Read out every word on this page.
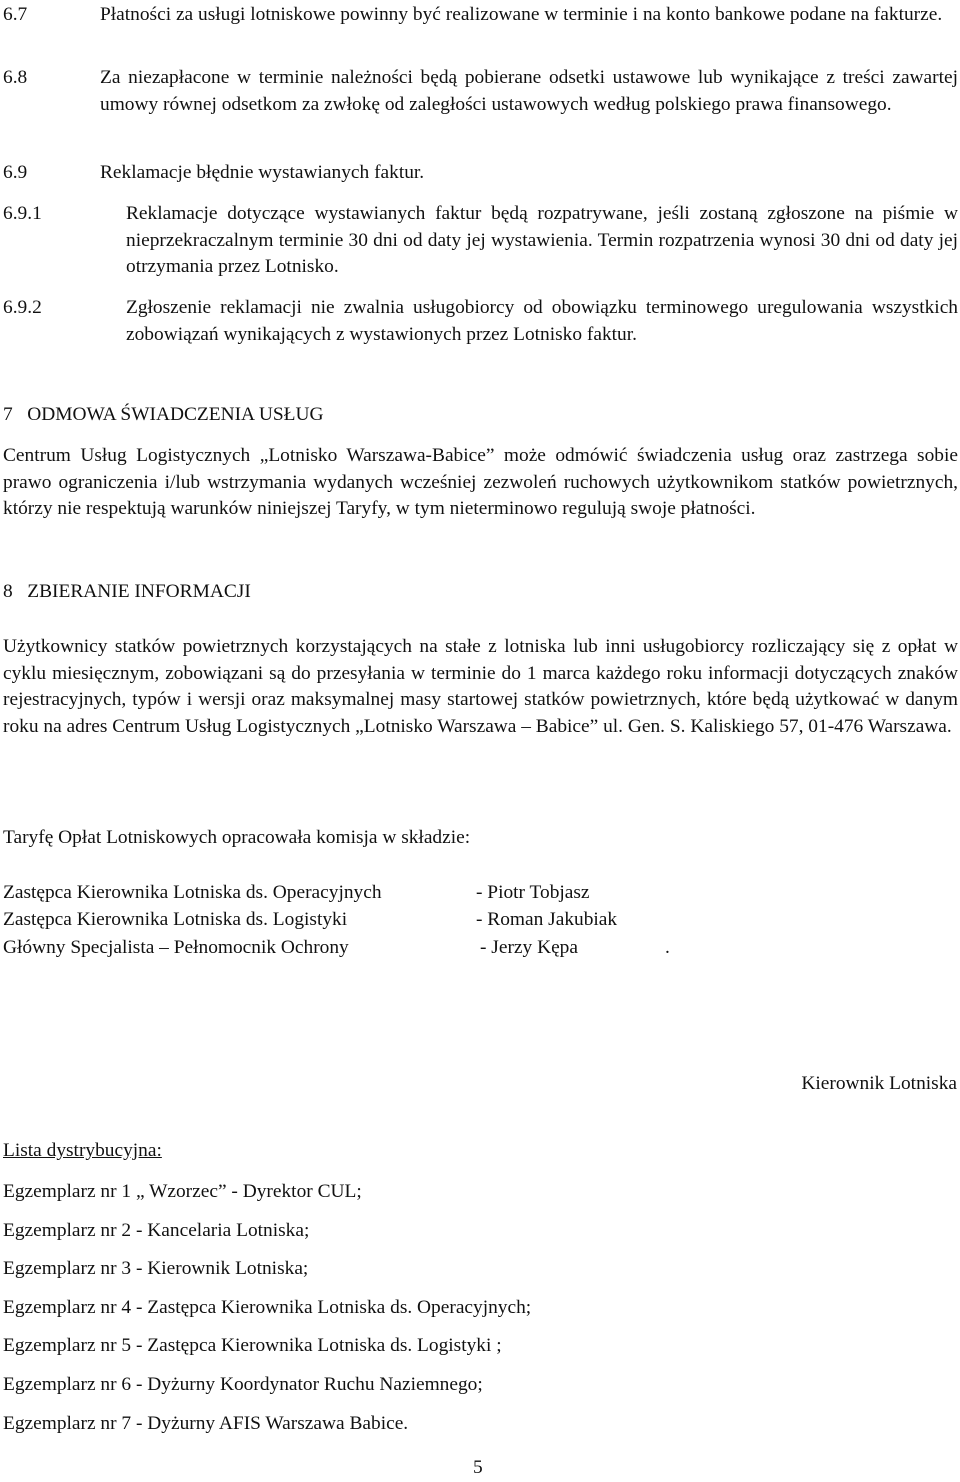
6.7	Płatności za usługi lotniskowe powinny być realizowane w terminie i na konto bankowe podane na fakturze.
6.8	Za niezapłacone w terminie należności będą pobierane odsetki ustawowe lub wynikające z treści zawartej umowy równej odsetkom za zwłokę od zaległości ustawowych według polskiego prawa finansowego.
6.9	Reklamacje błędnie wystawianych faktur.
6.9.1	Reklamacje dotyczące wystawianych faktur będą rozpatrywane, jeśli zostaną zgłoszone na piśmie w nieprzekraczalnym terminie 30 dni od daty jej wystawienia. Termin rozpatrzenia wynosi 30 dni od daty jej otrzymania przez Lotnisko.
6.9.2	Zgłoszenie reklamacji nie zwalnia usługobiorcy od obowiązku terminowego uregulowania wszystkich zobowiązań wynikających z wystawionych przez Lotnisko faktur.
7   ODMOWA ŚWIADCZENIA USŁUG
Centrum Usług Logistycznych „Lotnisko Warszawa-Babice” może odmówić świadczenia usług oraz zastrzega sobie prawo ograniczenia i/lub wstrzymania wydanych wcześniej zezwoleń ruchowych użytkownikom statków powietrznych, którzy nie respektują warunków niniejszej Taryfy, w tym nieterminowo regulują swoje płatności.
8   ZBIERANIE INFORMACJI
Użytkownicy statków powietrznych korzystających na stałe z lotniska lub inni usługobiorcy rozliczający się z opłat w cyklu miesięcznym, zobowiązani są do przesyłania w terminie do 1 marca każdego roku informacji dotyczących znaków rejestracyjnych, typów i wersji oraz maksymalnej masy startowej statków powietrznych, które będą użytkować w danym roku na adres Centrum Usług Logistycznych „Lotnisko Warszawa – Babice” ul. Gen. S. Kaliskiego 57, 01-476 Warszawa.
Taryfę Opłat Lotniskowych opracowała komisja w składzie:
Zastępca Kierownika Lotniska ds. Operacyjnych	- Piotr Tobjasz
Zastępca Kierownika Lotniska ds. Logistyki	- Roman Jakubiak
Główny Specjalista – Pełnomocnik Ochrony	- Jerzy Kępa	.
Kierownik Lotniska
Lista dystrybucyjna:
Egzemplarz nr 1 „ Wzorzec” - Dyrektor CUL;
Egzemplarz nr 2 - Kancelaria Lotniska;
Egzemplarz nr 3 - Kierownik Lotniska;
Egzemplarz nr 4 - Zastępca Kierownika Lotniska ds. Operacyjnych;
Egzemplarz nr 5 - Zastępca Kierownika Lotniska ds. Logistyki ;
Egzemplarz nr 6 - Dyżurny Koordynator Ruchu Naziemnego;
Egzemplarz nr 7 - Dyżurny AFIS Warszawa Babice.
5
